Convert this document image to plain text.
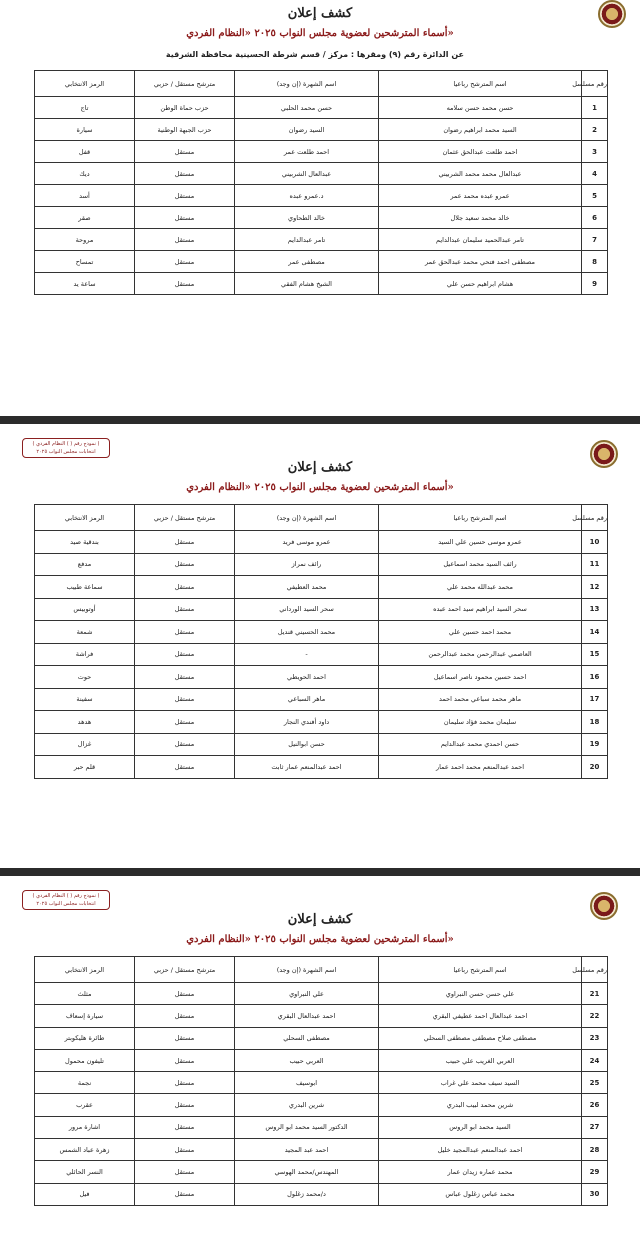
كشف إعلان
أسماء المترشحين لعضوية مجلس النواب ٢٠٢٥ «النظام الفردي»
عن الدائرة رقم (٩) ومقرها : مركز / قسم شرطة الحسينية محافظة الشرقية
رقم مسلسل	اسم المترشح رباعيا	اسم الشهرة (إن وجد)	مترشح مستقل / حزبي	الرمز الانتخابي
1	حسن محمد حسن سلامه	حسن محمد الحلبي	حزب حماة الوطن	تاج
2	السيد محمد ابراهيم رضوان	السيد رضوان	حزب الجبهة الوطنية	سيارة
3	احمد طلعت عبدالحق عثمان	احمد طلعت عمر	مستقل	قفل
4	عبدالعال محمد محمد الشربيني	عبدالعال الشربيني	مستقل	ديك
5	عمرو عبده محمد عمر	د.عمرو عبده	مستقل	أسد
6	خالد محمد سعيد جلال	خالد الطحاوي	مستقل	صقر
7	تامر عبدالحميد سليمان عبدالدايم	تامر عبدالدايم	مستقل	مروحة
8	مصطفى احمد فتحي محمد عبدالحق عمر	مصطفى عمر	مستقل	تمساح
9	هشام ابراهيم حسن علي	الشيخ هشام الفقي	مستقل	ساعة يد
( نموذج رقم ( ) النظام الفردي )
انتخابات مجلس النواب ٢٠٢٥
كشف إعلان
أسماء المترشحين لعضوية مجلس النواب ٢٠٢٥ «النظام الفردي»
رقم مسلسل	اسم المترشح رباعيا	اسم الشهرة (إن وجد)	مترشح مستقل / حزبي	الرمز الانتخابي
10	عمرو موسى حسين علي السيد	عمرو موسى فريد	مستقل	بندقية صيد
11	رائف السيد محمد اسماعيل	رائف نمراز	مستقل	مدفع
12	محمد عبدالله محمد علي	محمد العطيفي	مستقل	سماعة طبيب
13	سحر السيد ابراهيم سيد احمد عبده	سحر السيد الورداني	مستقل	أوتوبيس
14	محمد احمد حسين علي	محمد الحسيني قنديل	مستقل	شمعة
15	العاصمي عبدالرحمن محمد عبدالرحمن	-	مستقل	فراشة
16	احمد حسين محمود ناصر اسماعيل	احمد الحويطي	مستقل	حوت
17	ماهر محمد سباعي محمد احمد	ماهر السباعي	مستقل	سفينة
18	سليمان محمد فؤاد سليمان	داود أفندي النجار	مستقل	هدهد
19	حسن احمدي محمد عبدالدايم	حسن ابوالنيل	مستقل	غزال
20	احمد عبدالمنعم محمد احمد عمار	احمد عبدالمنعم عمار ثابت	مستقل	قلم حبر
( نموذج رقم ( ) النظام الفردي )
انتخابات مجلس النواب ٢٠٢٥
كشف إعلان
أسماء المترشحين لعضوية مجلس النواب ٢٠٢٥ «النظام الفردي»
رقم مسلسل	اسم المترشح رباعيا	اسم الشهرة (إن وجد)	مترشح مستقل / حزبي	الرمز الانتخابي
21	علي حسن حسن النبراوي	علي النبراوي	مستقل	مثلث
22	احمد عبدالعال احمد عطيفي البقري	احمد عبدالعال البقري	مستقل	سيارة إسعاف
23	مصطفى صلاح مصطفى مصطفى السحلي	مصطفى السحلي	مستقل	طائرة هليكوبتر
24	العربي الغريب علي حبيب	العربي حبيب	مستقل	تليفون محمول
25	السيد سيف محمد علي غراب	ابوسيف	مستقل	نجمة
26	شرين محمد لبيب البدري	شرين البدري	مستقل	عقرب
27	السيد محمد ابو الروس	الدكتور السيد محمد ابو الروس	مستقل	اشارة مرور
28	احمد عبدالمنعم عبدالمجيد خليل	احمد عبد المجيد	مستقل	زهرة عباد الشمس
29	محمد عماره زيدان عمار	المهندس/محمد الهوسي	مستقل	النسر الحائلي
30	محمد عباس زغلول عباس	د/محمد زغلول	مستقل	فيل
